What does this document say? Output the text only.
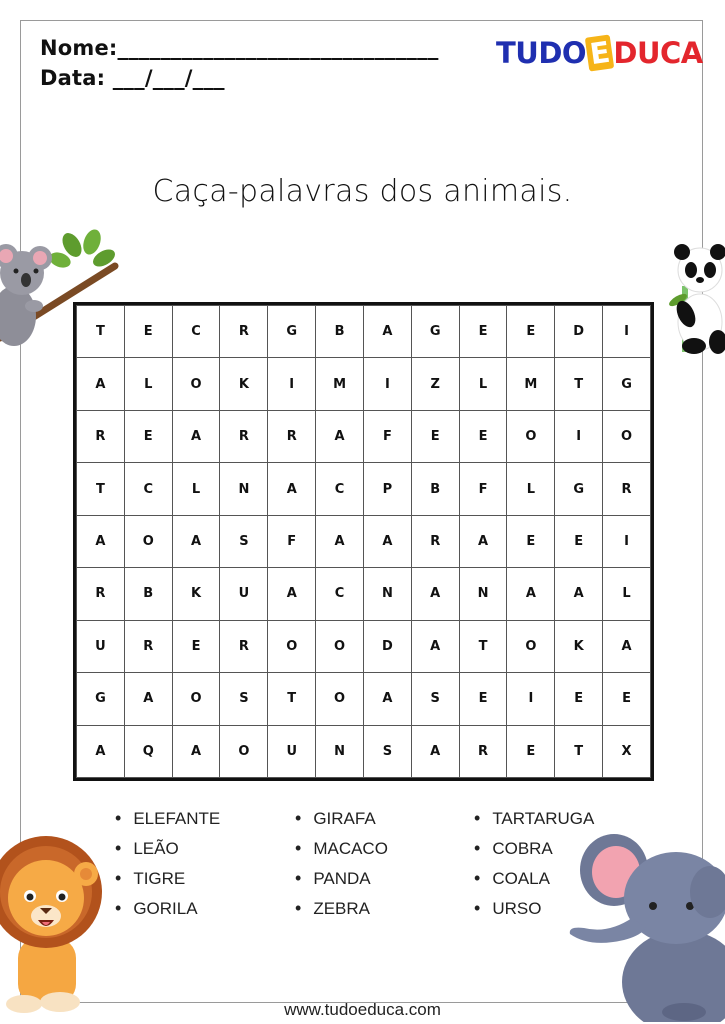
Nome:______________________________
Data: ___/___/___
TUDOEDUCA
Caça-palavras dos animais.
T	E	C	R	G	B	A	G	E	E	D	I
A	L	O	K	I	M	I	Z	L	M	T	G
R	E	A	R	R	A	F	E	E	O	I	O
T	C	L	N	A	C	P	B	F	L	G	R
A	O	A	S	F	A	A	R	A	E	E	I
R	B	K	U	A	C	N	A	N	A	A	L
U	R	E	R	O	O	D	A	T	O	K	A
G	A	O	S	T	O	A	S	E	I	E	E
A	Q	A	O	U	N	S	A	R	E	T	X
• ELEFANTE
• LEÃO
• TIGRE
• GORILA
• GIRAFA
• MACACO
• PANDA
• ZEBRA
• TARTARUGA
• COBRA
• COALA
• URSO
www.tudoeduca.com
